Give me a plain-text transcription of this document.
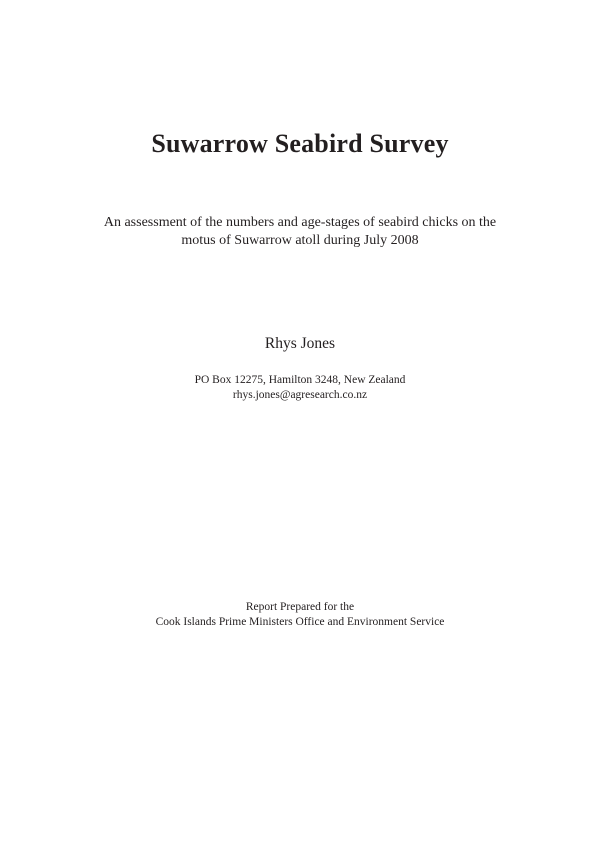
Suwarrow Seabird Survey
An assessment of the numbers and age-stages of seabird chicks on the
motus of Suwarrow atoll during July 2008
Rhys Jones
PO Box 12275, Hamilton 3248, New Zealand
rhys.jones@agresearch.co.nz
Report Prepared for the
Cook Islands Prime Ministers Office and Environment Service
